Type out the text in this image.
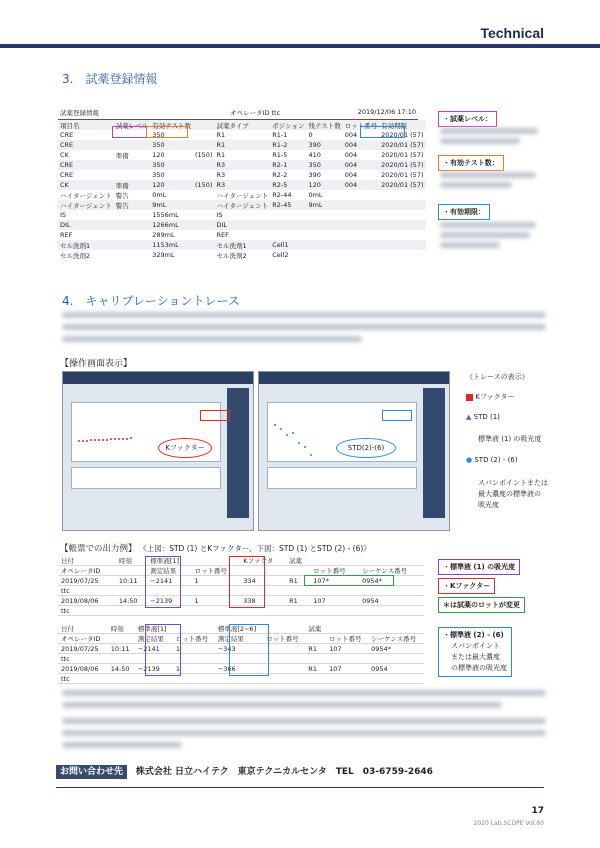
Technical
3.　試薬登録情報
試薬登録情報	オペレータID ttc	2019/12/06 17:10
項目名	試薬レベル	有効テスト数		試薬タイプ	ポジション	残テスト数	ロット番号	有効期限
CRE		350		R1	R1-1	0	004	2020/01 (57)
CRE		350		R1	R1-2	390	004	2020/01 (57)
CK	準備	120	(150)	R1	R1-5	410	004	2020/01 (57)
CRE		350		R3	R2-1	350	004	2020/01 (57)
CRE		350		R3	R2-2	390	004	2020/01 (57)
CK	準備	120	(150)	R3	R2-5	120	004	2020/01 (57)
ハイタージェント	警告	0mL		ハイタージェント	R2-44	0mL		
ハイタージェント	警告	9mL		ハイタージェント	R2-45	9mL		
IS		1556mL		IS				
DIL		1266mL		DIL				
REF		289mL		REF				
セル洗剤1		1153mL		セル洗剤1	Cell1			
セル洗剤2		329mL		セル洗剤2	Cell2			
・試薬レベル：
・有効テスト数：
・有効期限：
4.　キャリブレーショントレース
【操作画面表示】
Kファクター	STD(2)-(6)
《トレースの表示》
Kファクター
▲ STD (1)
標準液 (1) の吸光度
● STD (2) - (6)
スパンポイントまたは
最大濃度の標準液の
吸光度
【帳票での出力例】 《上図：STD (1) とKファクター、下図：STD (1) とSTD (2) - (6)》
日付	時刻	標準液[1]		Kファクタ	試薬		
オペレータID		測定結果	ロット番号			ロット番号	シーケンス番号
2019/07/25	10:11	−2141	1	334	R1	107*	0954*
ttc							
2019/08/06	14:50	−2139	1	338	R1	107	0954
ttc							
日付	時刻	標準液[1]		標準液[2~6]		試薬		
オペレータID		測定結果	ロット番号	測定結果	ロット番号		ロット番号	シーケンス番号
2019/07/25	10:11	−2141	1	−343		R1	107	0954*
ttc								
2019/08/06	14:50	−2139	1	−366		R1	107	0954
ttc								
・標準液 (1) の吸光度
・Kファクター
＊は試薬のロットが変更
・標準液 (2) - (6)
スパンポイント
または最大濃度
の標準液の吸光度
お問い合わせ先 株式会社 日立ハイテク　東京テクニカルセンタ　TEL　03-6759-2646
17
2020 Lab.SCOPE Vol.60
